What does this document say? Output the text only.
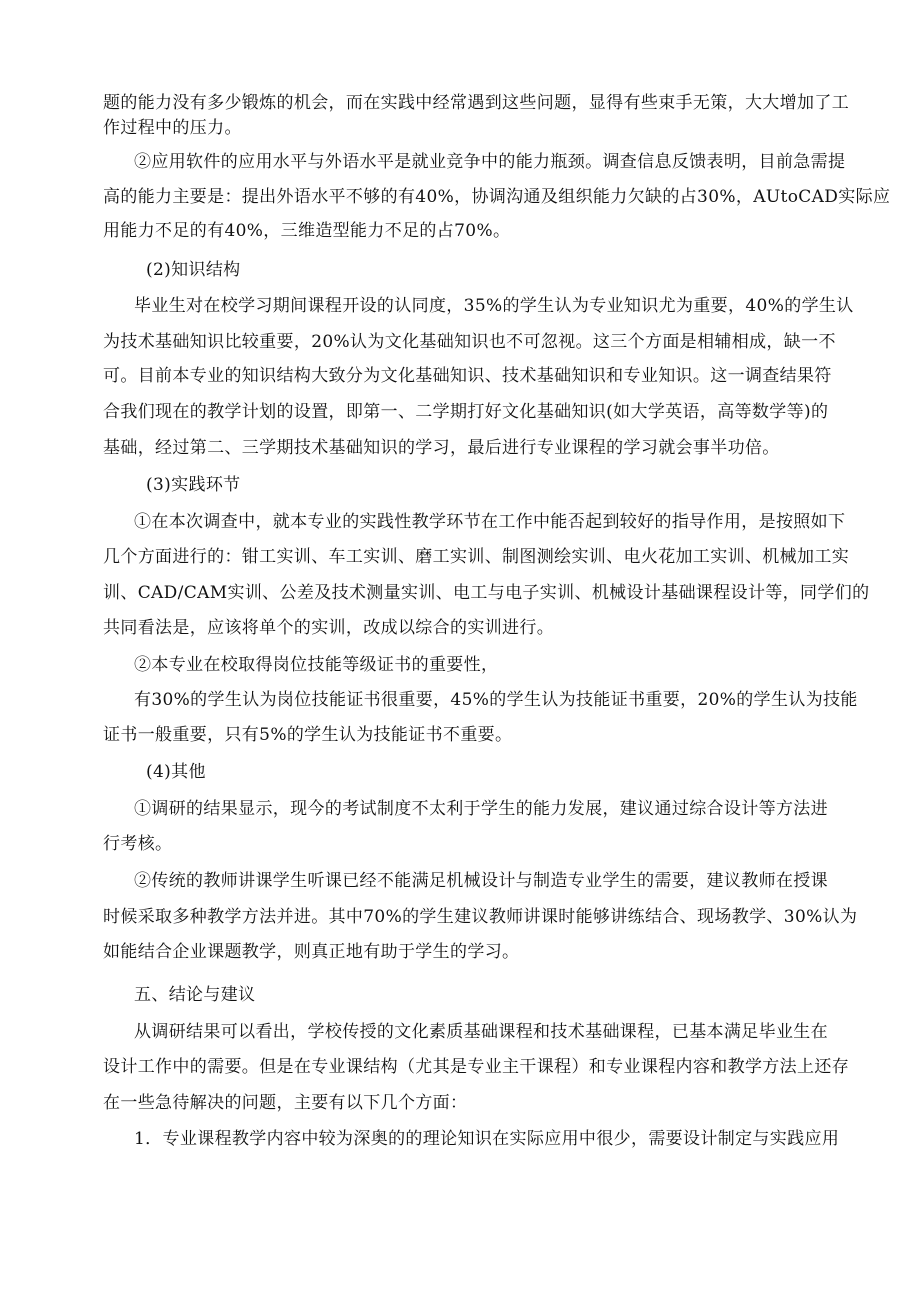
题的能力没有多少锻炼的机会，而在实践中经常遇到这些问题，显得有些束手无策，大大增加了工
作过程中的压力。
②应用软件的应用水平与外语水平是就业竞争中的能力瓶颈。调查信息反馈表明，目前急需提
高的能力主要是：提出外语水平不够的有40%，协调沟通及组织能力欠缺的占30%，AUtoCAD实际应
用能力不足的有40%，三维造型能力不足的占70%。
(2)知识结构
毕业生对在校学习期间课程开设的认同度，35%的学生认为专业知识尤为重要，40%的学生认
为技术基础知识比较重要，20%认为文化基础知识也不可忽视。这三个方面是相辅相成，缺一不
可。目前本专业的知识结构大致分为文化基础知识、技术基础知识和专业知识。这一调查结果符
合我们现在的教学计划的设置，即第一、二学期打好文化基础知识(如大学英语，高等数学等)的
基础，经过第二、三学期技术基础知识的学习，最后进行专业课程的学习就会事半功倍。
(3)实践环节
①在本次调查中，就本专业的实践性教学环节在工作中能否起到较好的指导作用，是按照如下
几个方面进行的：钳工实训、车工实训、磨工实训、制图测绘实训、电火花加工实训、机械加工实
训、CAD/CAM实训、公差及技术测量实训、电工与电子实训、机械设计基础课程设计等，同学们的
共同看法是，应该将单个的实训，改成以综合的实训进行。
②本专业在校取得岗位技能等级证书的重要性，
有30%的学生认为岗位技能证书很重要，45%的学生认为技能证书重要，20%的学生认为技能
证书一般重要，只有5%的学生认为技能证书不重要。
(4)其他
①调研的结果显示，现今的考试制度不太利于学生的能力发展，建议通过综合设计等方法进
行考核。
②传统的教师讲课学生听课已经不能满足机械设计与制造专业学生的需要，建议教师在授课
时候采取多种教学方法并进。其中70%的学生建议教师讲课时能够讲练结合、现场教学、30%认为
如能结合企业课题教学，则真正地有助于学生的学习。
五、结论与建议
从调研结果可以看出，学校传授的文化素质基础课程和技术基础课程，已基本满足毕业生在
设计工作中的需要。但是在专业课结构（尤其是专业主干课程）和专业课程内容和教学方法上还存
在一些急待解决的问题，主要有以下几个方面：
1．专业课程教学内容中较为深奥的的理论知识在实际应用中很少，需要设计制定与实践应用
